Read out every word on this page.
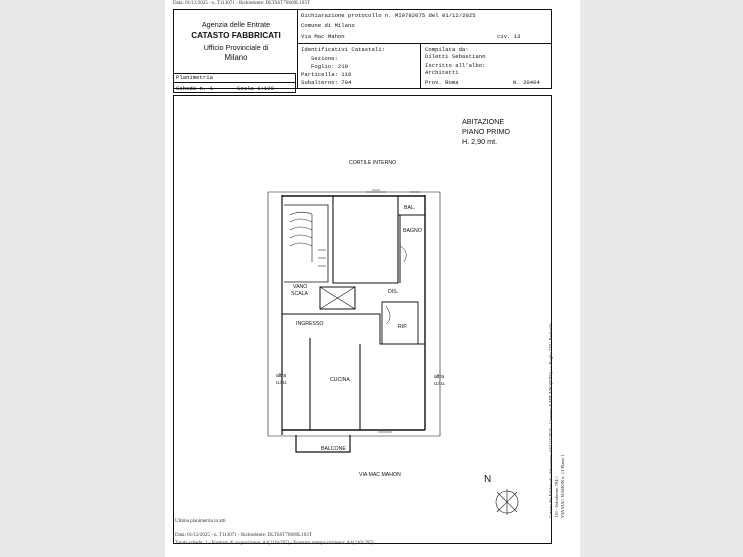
Data: 01/12/2025 - n. T113071 - Richiedente: DLTSST70S09L103T
Agenzia delle Entrate
CATASTO FABBRICATI
Ufficio Provinciale di
Milano
Dichiarazione protocollo n. MI0792075 del 01/12/2025
Comune di Milano
Via Mac Mahon	civ. 13
Identificativi Catastali:
Sezione:
Foglio: 219
Particella: 116
Subalterno: 704
Compilata da:
Diletti Sebastiano
Iscritto all'albo:
Architetti
Prov. Roma	N. 20404
Planimetria
Scheda n. 1	Scala 1:100
ABITAZIONE
PIANO PRIMO
H. 2,90 mt.
CORTILE INTERNO
BAL.
BAGNO
VANO
SCALA	DIS.
INGRESSO	RIP.
CUCINA
altra
u.i.u.
altra
u.i.u.
BALCONE
VIA MAC MAHON	N	Catasto dei Fabbricati - Situazione al 01/12/2025 - Comune di MILANO(F205) - < Foglio 219 - Particella 116 - Subalterno 704 > VIA MAC MAHON n. 13 Piano 1
Ultima planimetria in atti
Data: 01/12/2025 - n. T113071 - Richiedente: DLTSST70S09L103T
Totale schede: 1 - Formato di acquisizione: A4(210x297) - Formato stampa richiesto: A4(210x297)
